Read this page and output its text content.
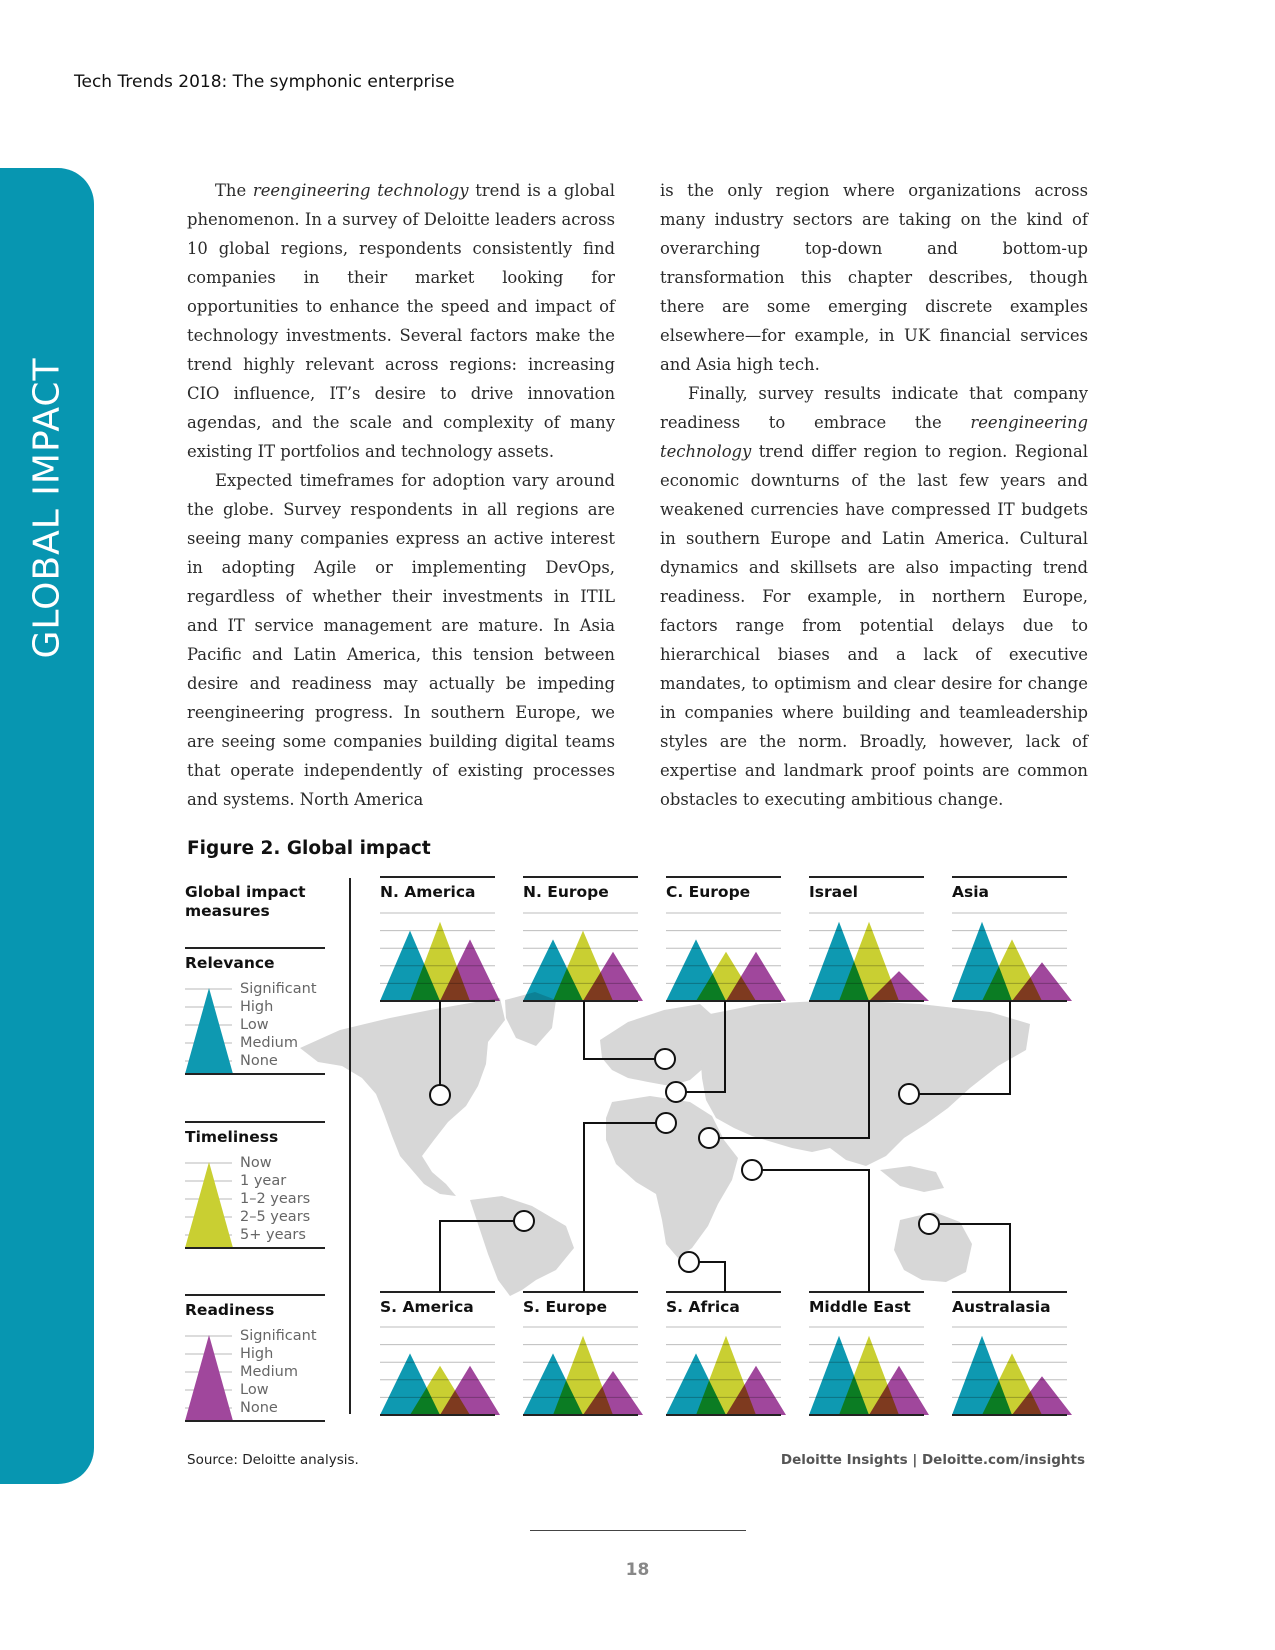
Tech Trends 2018: The symphonic enterprise
GLOBAL IMPACT

The reengineering technology trend is a global phenomenon. In a survey of Deloitte leaders across 10 global regions, respondents consistently find companies in their market looking for opportunities to enhance the speed and impact of technology investments. Several factors make the trend highly relevant across regions: increasing CIO influence, IT’s desire to drive innovation agendas, and the scale and complexity of many existing IT portfolios and technology assets.

Expected timeframes for adoption vary around the globe. Survey respondents in all regions are seeing many companies express an active interest in adopting Agile or implementing DevOps, regardless of whether their investments in ITIL and IT service management are mature. In Asia Pacific and Latin America, this tension between desire and readiness may actually be impeding reengineering progress. In southern Europe, we are seeing some companies building digital teams that operate independently of existing processes and systems. North America

is the only region where organizations across many industry sectors are taking on the kind of overarching top-down and bottom-up transformation this chapter describes, though there are some emerging discrete examples elsewhere—for example, in UK financial services and Asia high tech.

Finally, survey results indicate that company readiness to embrace the reengineering technology trend differ region to region. Regional economic downturns of the last few years and weakened currencies have compressed IT budgets in southern Europe and Latin America. Cultural dynamics and skillsets are also impacting trend readiness. For example, in northern Europe, factors range from potential delays due to hierarchical biases and a lack of executive mandates, to optimism and clear desire for change in companies where building and teamleadership styles are the norm. Broadly, however, lack of expertise and landmark proof points are common obstacles to executing ambitious change.

Figure 2. Global impact
Global impact
measures
Relevance
Significant
High
Low
Medium
None
Timeliness
Now
1 year
1–2 years
2–5 years
5+ years
Readiness
Significant
High
Medium
Low
None
N. America	N. Europe	C. Europe	Israel	Asia
S. America	S. Europe	S. Africa	Middle East	Australasia
Source: Deloitte analysis.	Deloitte Insights | Deloitte.com/insights
18
